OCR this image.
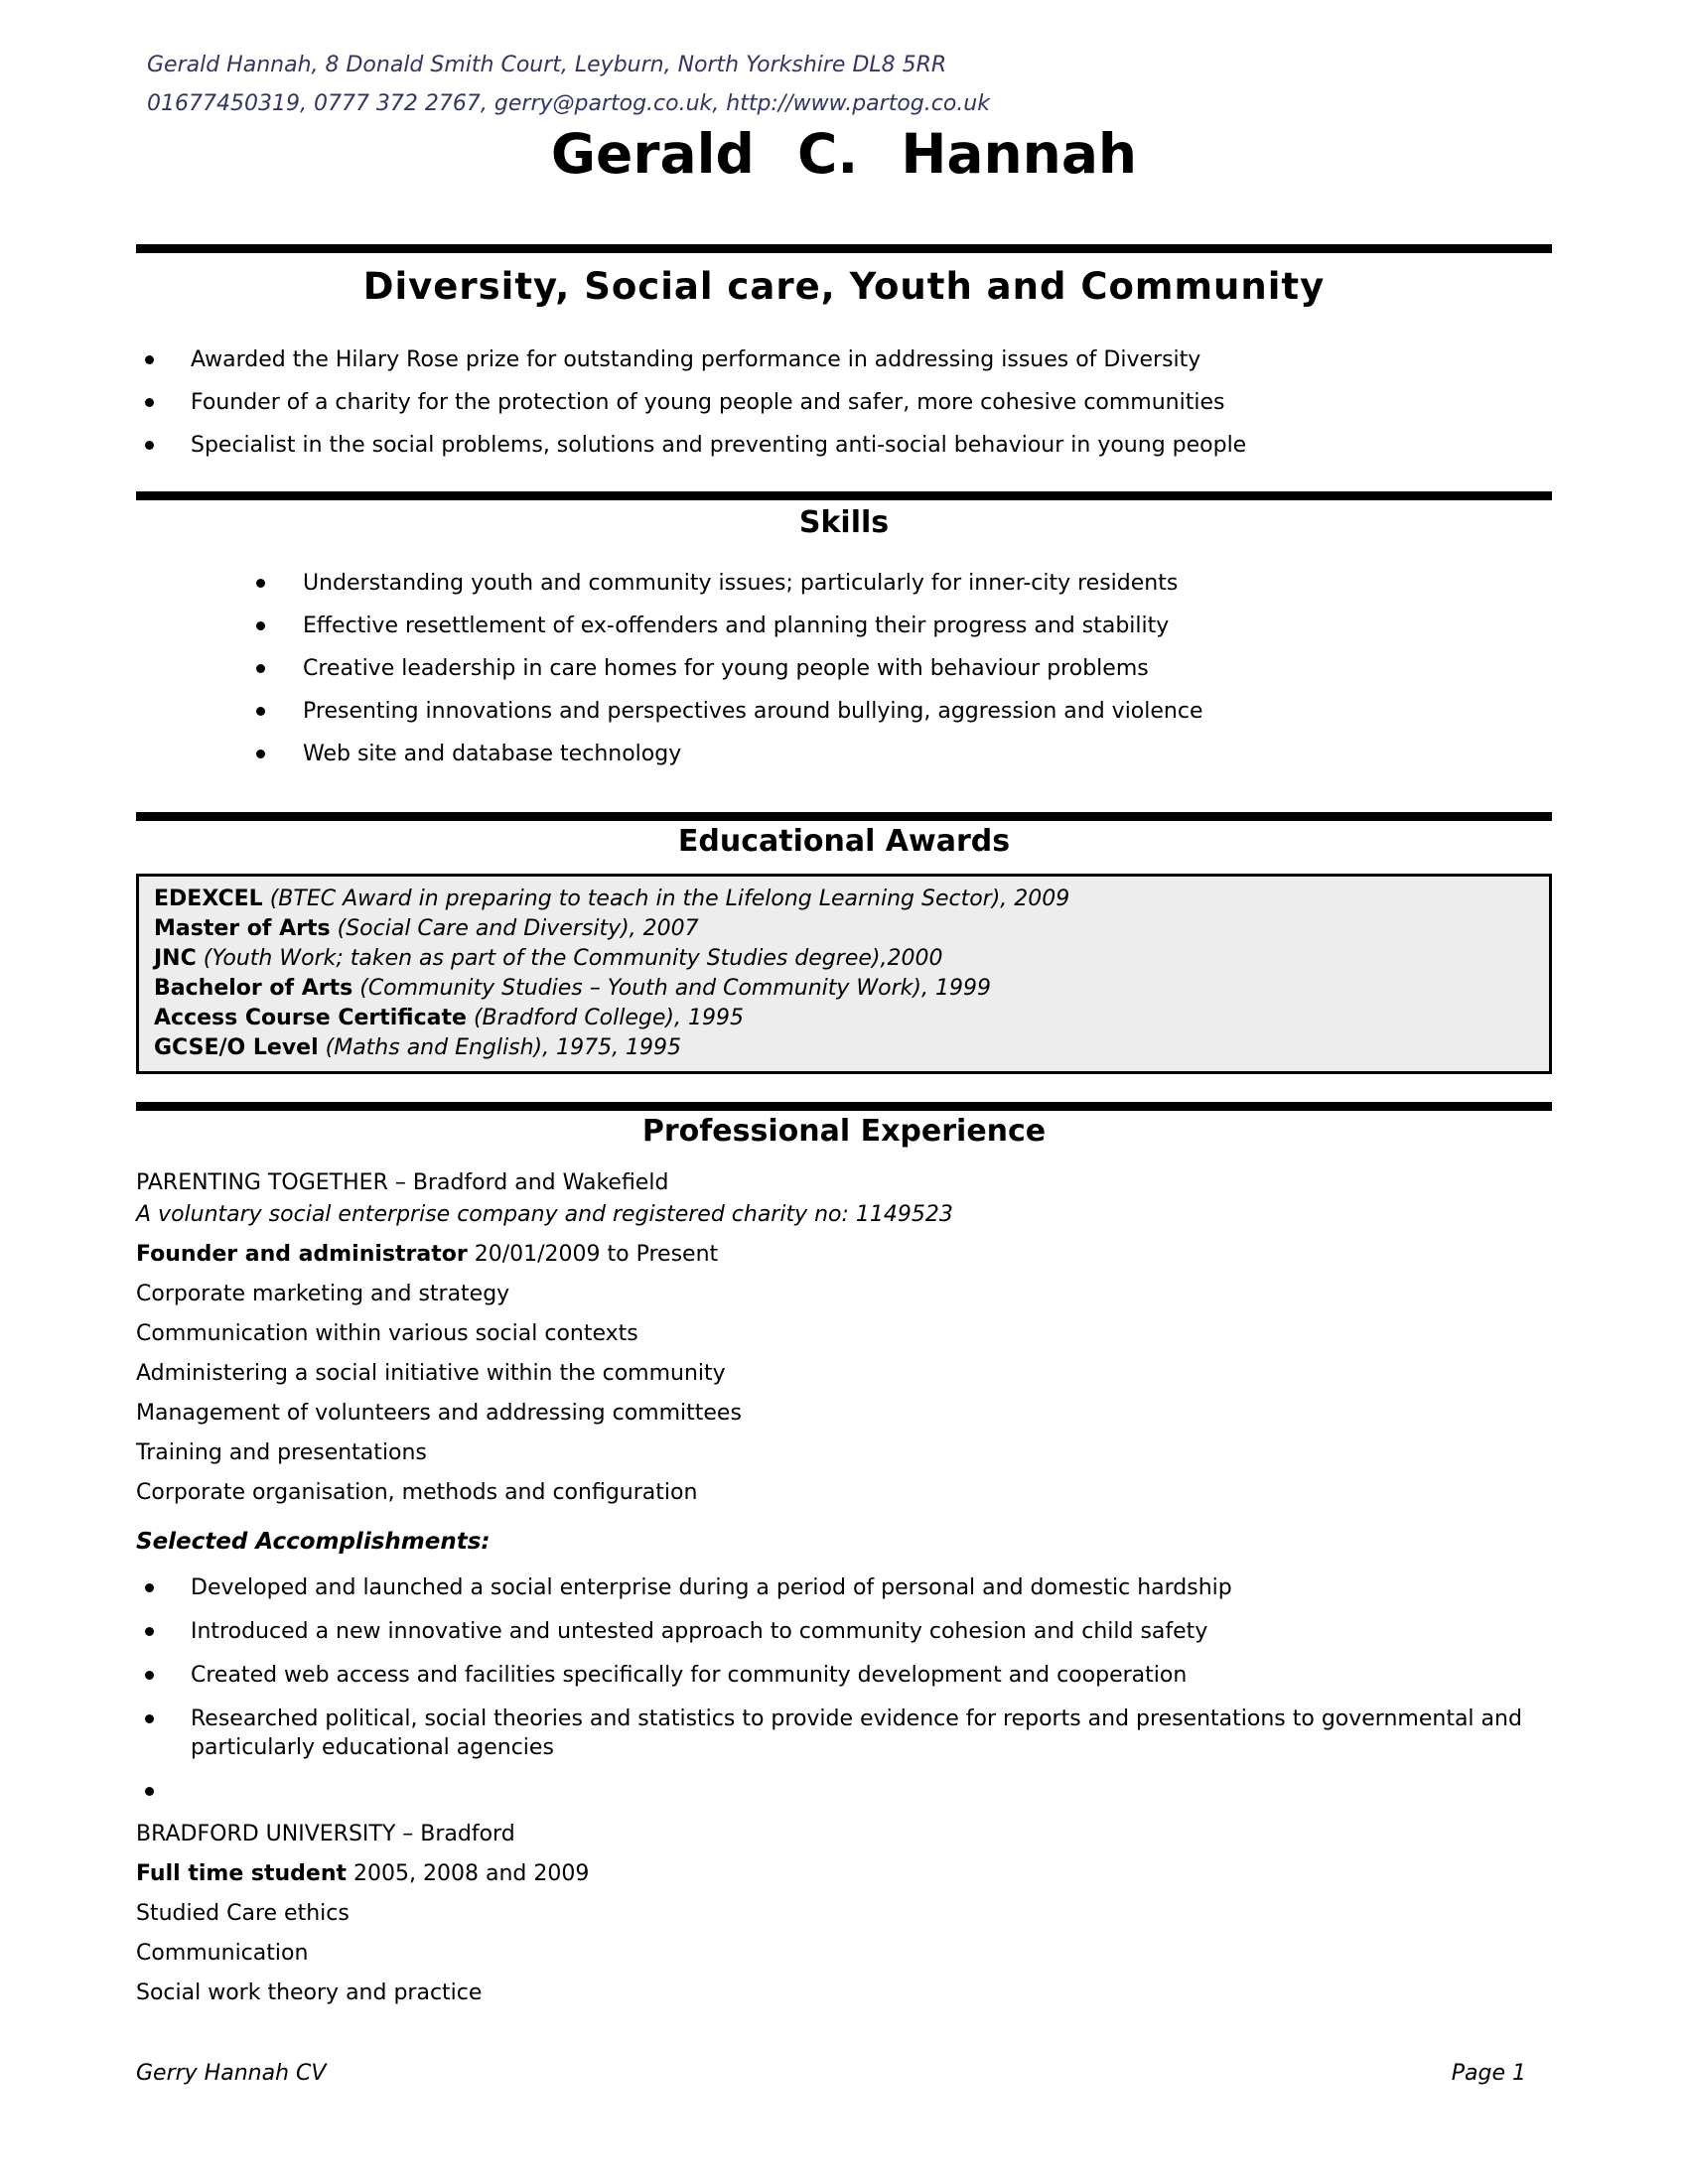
Gerald Hannah, 8 Donald Smith Court, Leyburn, North Yorkshire DL8 5RR
01677450319, 0777 372 2767, gerry@partog.co.uk, http://www.partog.co.uk
Gerald C. Hannah
Diversity, Social care, Youth and Community
Awarded the Hilary Rose prize for outstanding performance in addressing issues of Diversity
Founder of a charity for the protection of young people and safer, more cohesive communities
Specialist in the social problems, solutions and preventing anti-social behaviour in young people
Skills
Understanding youth and community issues; particularly for inner-city residents
Effective resettlement of ex-offenders and planning their progress and stability
Creative leadership in care homes for young people with behaviour problems
Presenting innovations and perspectives around bullying, aggression and violence
Web site and database technology
Educational Awards
EDEXCEL (BTEC Award in preparing to teach in the Lifelong Learning Sector), 2009
Master of Arts (Social Care and Diversity), 2007
JNC (Youth Work; taken as part of the Community Studies degree),2000
Bachelor of Arts (Community Studies – Youth and Community Work), 1999
Access Course Certificate (Bradford College), 1995
GCSE/O Level (Maths and English), 1975, 1995
Professional Experience

PARENTING TOGETHER – Bradford and Wakefield

A voluntary social enterprise company and registered charity no: 1149523

Founder and administrator 20/01/2009 to Present

Corporate marketing and strategy

Communication within various social contexts

Administering a social initiative within the community

Management of volunteers and addressing committees

Training and presentations

Corporate organisation, methods and configuration

Selected Accomplishments:

Developed and launched a social enterprise during a period of personal and domestic hardship
Introduced a new innovative and untested approach to community cohesion and child safety
Created web access and facilities specifically for community development and cooperation
Researched political, social theories and statistics to provide evidence for reports and presentations to governmental and particularly educational agencies

BRADFORD UNIVERSITY – Bradford

Full time student 2005, 2008 and 2009

Studied Care ethics

Communication

Social work theory and practice

Gerry Hannah CV	Page 1
